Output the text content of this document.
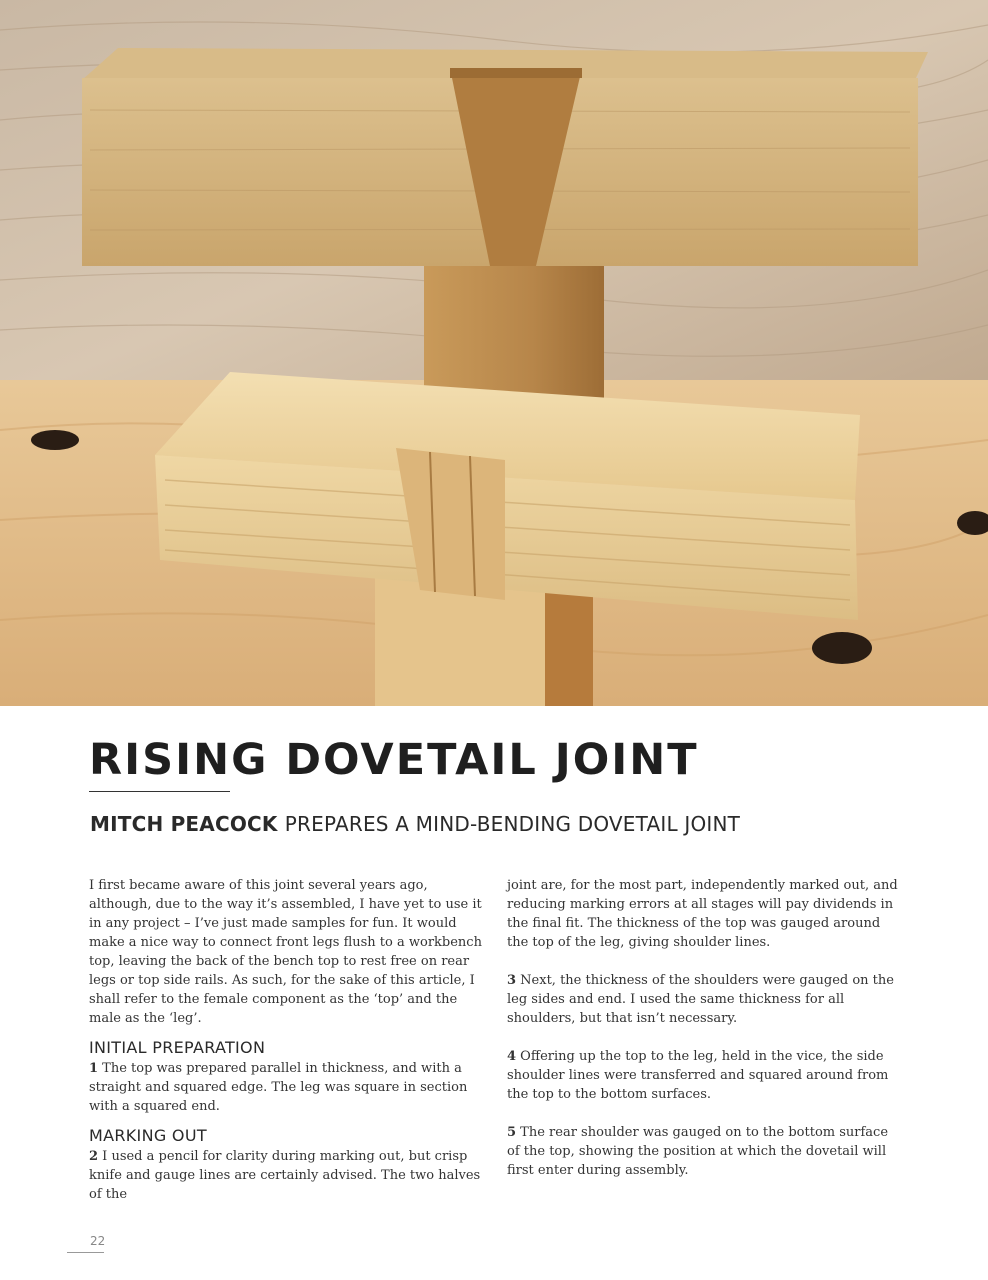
RISING DOVETAIL JOINT
MITCH PEACOCK PREPARES A MIND-BENDING DOVETAIL JOINT

I first became aware of this joint several years ago, although, due to the way it’s assembled, I have yet to use it in any project – I’ve just made samples for fun. It would make a nice way to connect front legs flush to a workbench top, leaving the back of the bench top to rest free on rear legs or top side rails. As such, for the sake of this article, I shall refer to the female component as the ‘top’ and the male as the ‘leg’.

INITIAL PREPARATION

1 The top was prepared parallel in thickness, and with a straight and squared edge. The leg was square in section with a squared end.

MARKING OUT

2 I used a pencil for clarity during marking out, but crisp knife and gauge lines are certainly advised. The two halves of the

joint are, for the most part, independently marked out, and reducing marking errors at all stages will pay dividends in the final fit. The thickness of the top was gauged around the top of the leg, giving shoulder lines.

3 Next, the thickness of the shoulders were gauged on the leg sides and end. I used the same thickness for all shoulders, but that isn’t necessary.

4 Offering up the top to the leg, held in the vice, the side shoulder lines were transferred and squared around from the top to the bottom surfaces.

5 The rear shoulder was gauged on to the bottom surface of the top, showing the position at which the dovetail will first enter during assembly.

22
